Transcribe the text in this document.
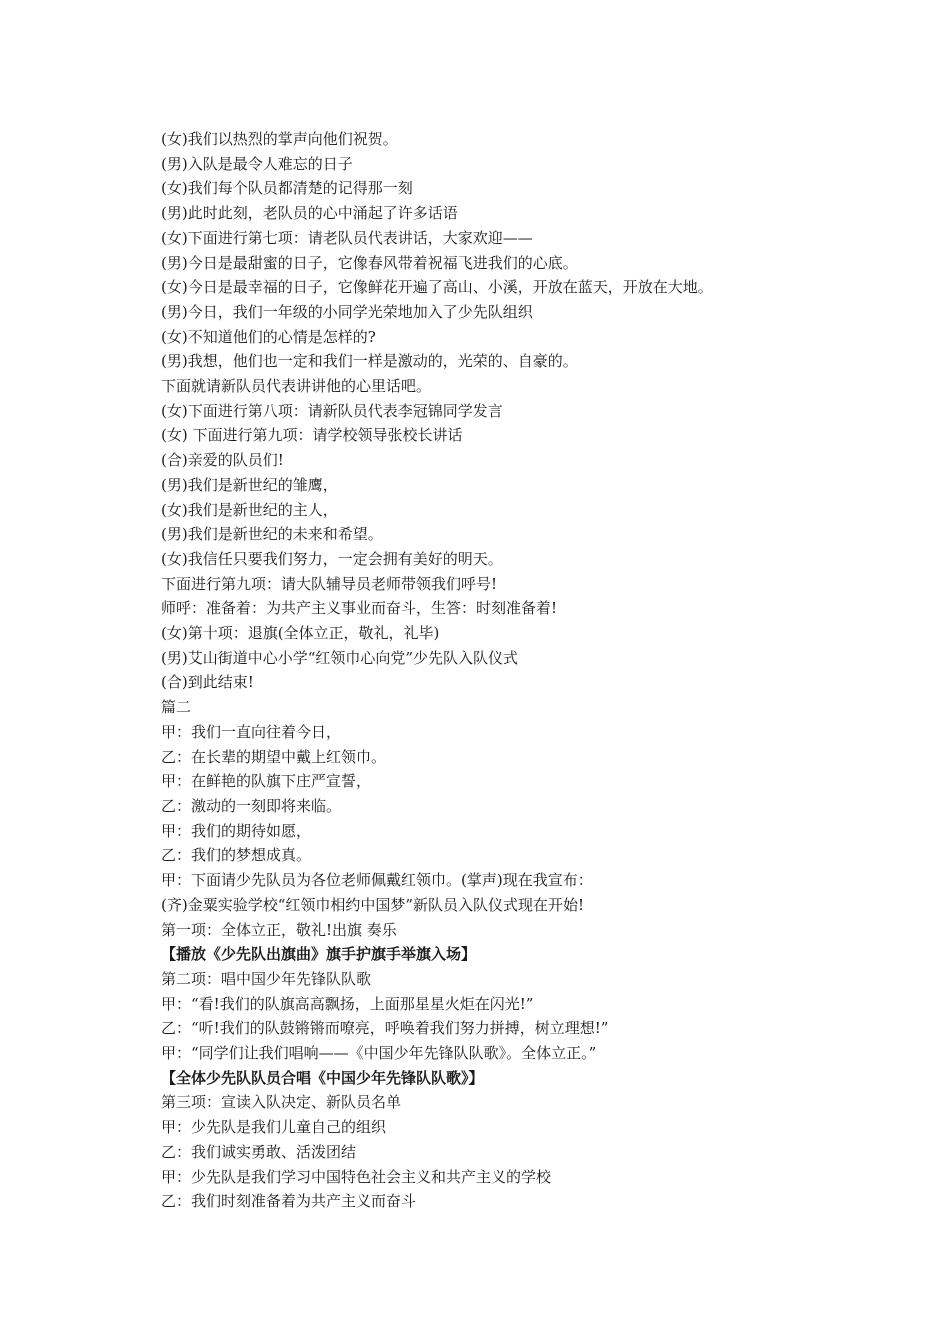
(女)我们以热烈的掌声向他们祝贺。
(男)入队是最令人难忘的日子
(女)我们每个队员都清楚的记得那一刻
(男)此时此刻，老队员的心中涌起了许多话语
(女)下面进行第七项：请老队员代表讲话，大家欢迎——
(男)今日是最甜蜜的日子，它像春风带着祝福飞进我们的心底。
(女)今日是最幸福的日子，它像鲜花开遍了高山、小溪，开放在蓝天，开放在大地。
(男)今日，我们一年级的小同学光荣地加入了少先队组织
(女)不知道他们的心情是怎样的?
(男)我想，他们也一定和我们一样是激动的，光荣的、自豪的。
下面就请新队员代表讲讲他的心里话吧。
(女)下面进行第八项：请新队员代表李冠锦同学发言
(女) 下面进行第九项：请学校领导张校长讲话
(合)亲爱的队员们!
(男)我们是新世纪的雏鹰，
(女)我们是新世纪的主人，
(男)我们是新世纪的未来和希望。
(女)我信任只要我们努力，一定会拥有美好的明天。
下面进行第九项：请大队辅导员老师带领我们呼号!
师呼：准备着：为共产主义事业而奋斗，生答：时刻准备着!
(女)第十项：退旗(全体立正，敬礼，礼毕)
(男)艾山街道中心小学“红领巾心向党”少先队入队仪式
(合)到此结束!
篇二
甲：我们一直向往着今日，
乙：在长辈的期望中戴上红领巾。
甲：在鲜艳的队旗下庄严宣誓，
乙：激动的一刻即将来临。
甲：我们的期待如愿，
乙：我们的梦想成真。
甲：下面请少先队员为各位老师佩戴红领巾。(掌声)现在我宣布：
(齐)金粟实验学校“红领巾相约中国梦”新队员入队仪式现在开始!
第一项：全体立正，敬礼!出旗 奏乐
【播放《少先队出旗曲》旗手护旗手举旗入场】
第二项：唱中国少年先锋队队歌
甲：“看!我们的队旗高高飘扬，上面那星星火炬在闪光!”
乙：“听!我们的队鼓锵锵而嘹亮，呼唤着我们努力拼搏，树立理想!”
甲：“同学们让我们唱响——《中国少年先锋队队歌》。全体立正。”
【全体少先队队员合唱《中国少年先锋队队歌》】
第三项：宣读入队决定、新队员名单
甲：少先队是我们儿童自己的组织
乙：我们诚实勇敢、活泼团结
甲：少先队是我们学习中国特色社会主义和共产主义的学校
乙：我们时刻准备着为共产主义而奋斗
